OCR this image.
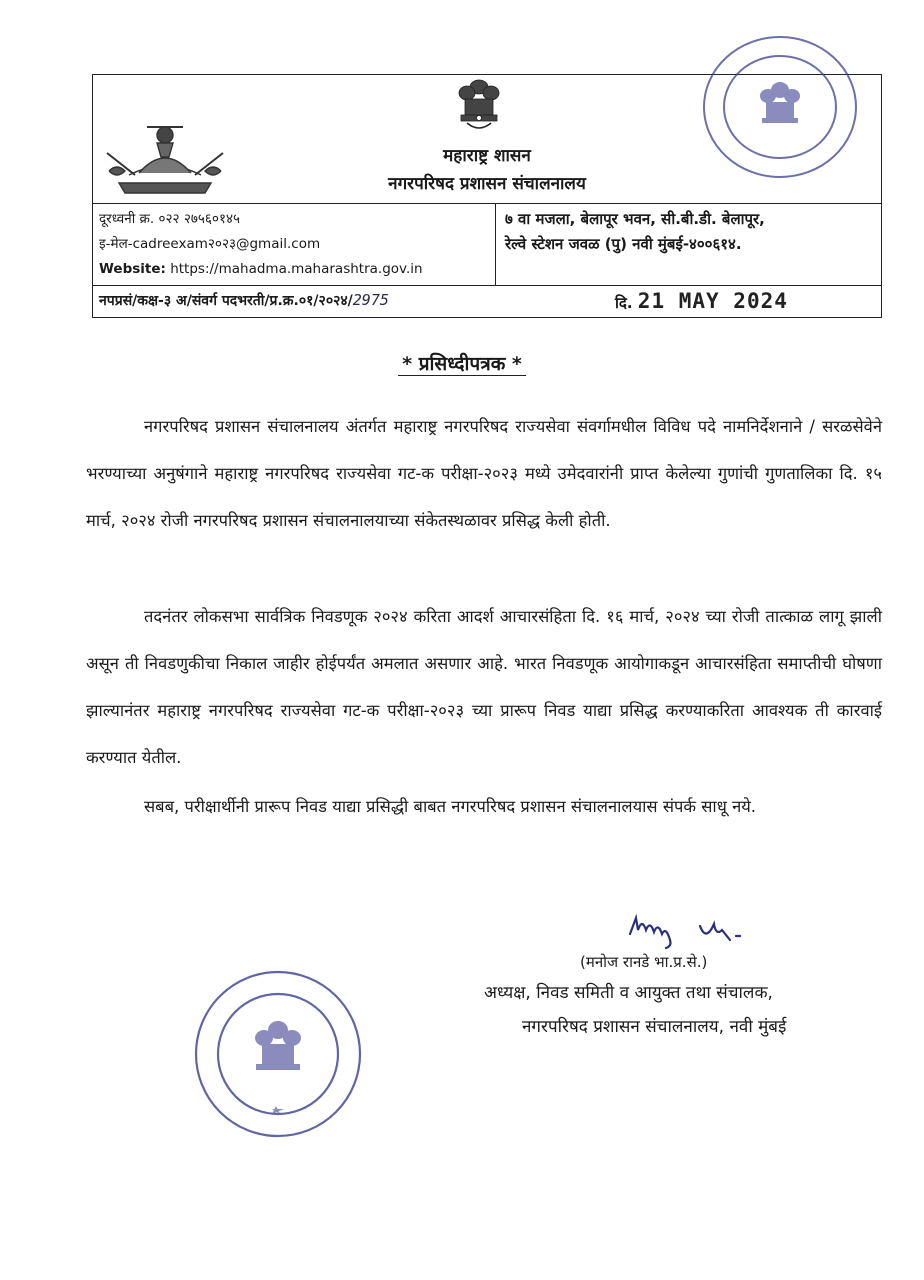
महाराष्ट्र शासन
नगरपरिषद प्रशासन संचालनालय
दूरध्वनी क्र. ०२२ २७५६०१४५
इ-मेल-cadreexam२०२३@gmail.com
Website: https://mahadma.maharashtra.gov.in
७ वा मजला, बेलापूर भवन, सी.बी.डी. बेलापूर,
रेल्वे स्टेशन जवळ (पु) नवी मुंबई-४००६१४.
नपप्रसं/कक्ष-३ अ/संवर्ग पदभरती/प्र.क्र.०१/२०२४/2975	दि. 21 MAY 2024
* प्रसिध्दीपत्रक *

नगरपरिषद प्रशासन संचालनालय अंतर्गत महाराष्ट्र नगरपरिषद राज्यसेवा संवर्गामधील विविध पदे नामनिर्देशनाने / सरळसेवेने भरण्याच्या अनुषंगाने महाराष्ट्र नगरपरिषद राज्यसेवा गट-क परीक्षा-२०२३ मध्ये उमेदवारांनी प्राप्त केलेल्या गुणांची गुणतालिका दि. १५ मार्च, २०२४ रोजी नगरपरिषद प्रशासन संचालनालयाच्या संकेतस्थळावर प्रसिद्ध केली होती.

तदनंतर लोकसभा सार्वत्रिक निवडणूक २०२४ करिता आदर्श आचारसंहिता दि. १६ मार्च, २०२४ च्या रोजी तात्काळ लागू झाली असून ती निवडणुकीचा निकाल जाहीर होईपर्यंत अमलात असणार आहे. भारत निवडणूक आयोगाकडून आचारसंहिता समाप्तीची घोषणा झाल्यानंतर महाराष्ट्र नगरपरिषद राज्यसेवा गट-क परीक्षा-२०२३ च्या प्रारूप निवड याद्या प्रसिद्ध करण्याकरिता आवश्यक ती कारवाई करण्यात येतील.

सबब, परीक्षार्थीनी प्रारूप निवड याद्या प्रसिद्धी बाबत नगरपरिषद प्रशासन संचालनालयास संपर्क साधू नये.

(मनोज रानडे भा.प्र.से.)
अध्यक्ष, निवड समिती व आयुक्त तथा संचालक,
नगरपरिषद प्रशासन संचालनालय, नवी मुंबई
